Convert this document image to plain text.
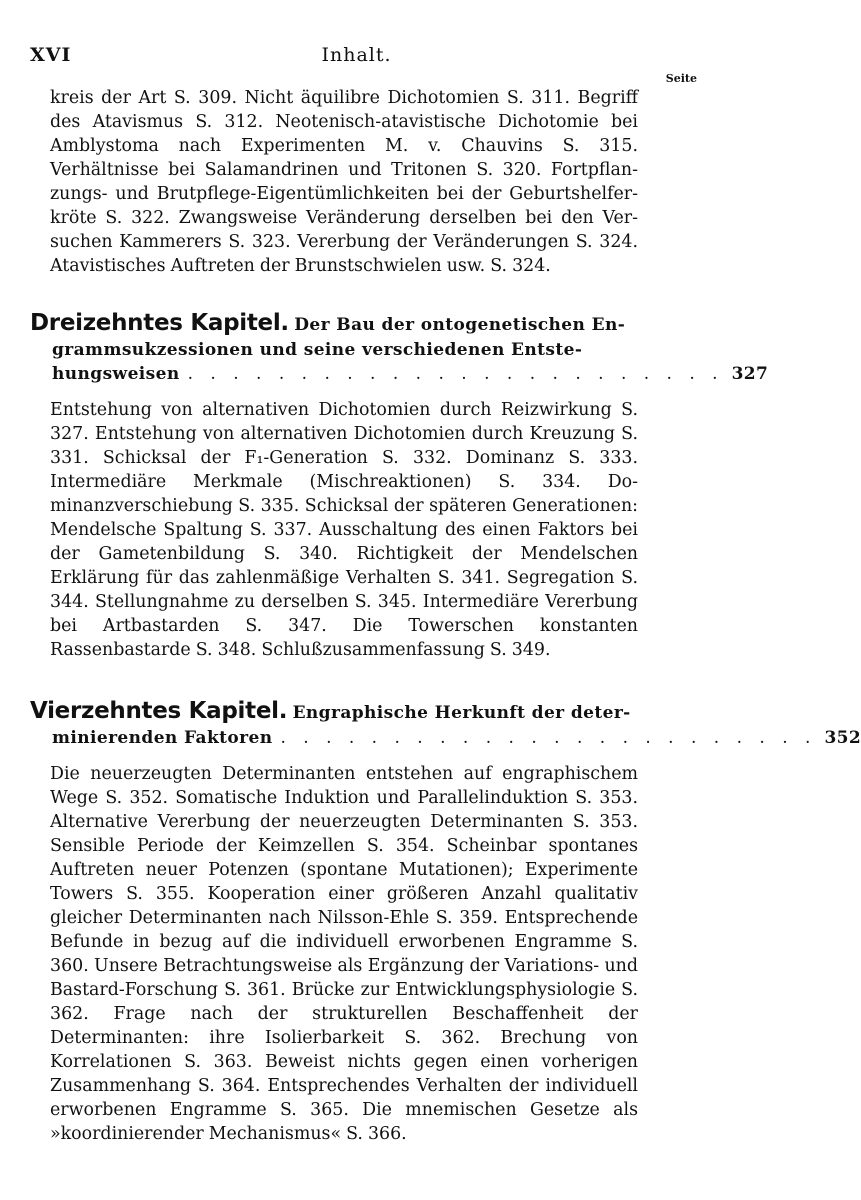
XVI	Inhalt.
Seite

kreis der Art S. 309. Nicht äquilibre Dichotomien S. 311. Begriff des Atavismus S. 312. Neotenisch-atavistische Dichotomie bei Amblystoma nach Experimenten M. v. Chauvins S. 315. Verhältnisse bei Salamandrinen und Tritonen S. 320. Fortpflanzungs- und Brutpflege-Eigentümlichkeiten bei der Geburtshelferkröte S. 322. Zwangsweise Veränderung derselben bei den Versuchen Kammerers S. 323. Vererbung der Veränderungen S. 324. Atavistisches Auftreten der Brunstschwielen usw. S. 324.

Dreizehntes Kapitel. Der Bau der ontogenetischen En-
grammsukzessionen und seine verschiedenen Entste-
hungsweisen . . . . . . . . . . . . . . . . . . . . . . . . 327

Entstehung von alternativen Dichotomien durch Reizwirkung S. 327. Entstehung von alternativen Dichotomien durch Kreuzung S. 331. Schicksal der F₁-Generation S. 332. Dominanz S. 333. Intermediäre Merkmale (Mischreaktionen) S. 334. Dominanzverschiebung S. 335. Schicksal der späteren Generationen: Mendelsche Spaltung S. 337. Ausschaltung des einen Faktors bei der Gametenbildung S. 340. Richtigkeit der Mendelschen Erklärung für das zahlenmäßige Verhalten S. 341. Segregation S. 344. Stellungnahme zu derselben S. 345. Intermediäre Vererbung bei Artbastarden S. 347. Die Towerschen konstanten Rassenbastarde S. 348. Schlußzusammenfassung S. 349.

Vierzehntes Kapitel. Engraphische Herkunft der deter-
minierenden Faktoren . . . . . . . . . . . . . . . . . . . . . . . . 352

Die neuerzeugten Determinanten entstehen auf engraphischem Wege S. 352. Somatische Induktion und Parallelinduktion S. 353. Alternative Vererbung der neuerzeugten Determinanten S. 353. Sensible Periode der Keimzellen S. 354. Scheinbar spontanes Auftreten neuer Potenzen (spontane Mutationen); Experimente Towers S. 355. Kooperation einer größeren Anzahl qualitativ gleicher Determinanten nach Nilsson-Ehle S. 359. Entsprechende Befunde in bezug auf die individuell erworbenen Engramme S. 360. Unsere Betrachtungsweise als Ergänzung der Variations- und Bastard-Forschung S. 361. Brücke zur Entwicklungsphysiologie S. 362. Frage nach der strukturellen Beschaffenheit der Determinanten: ihre Isolierbarkeit S. 362. Brechung von Korrelationen S. 363. Beweist nichts gegen einen vorherigen Zusammenhang S. 364. Entsprechendes Verhalten der individuell erworbenen Engramme S. 365. Die mnemischen Gesetze als »koordinierender Mechanismus« S. 366.
